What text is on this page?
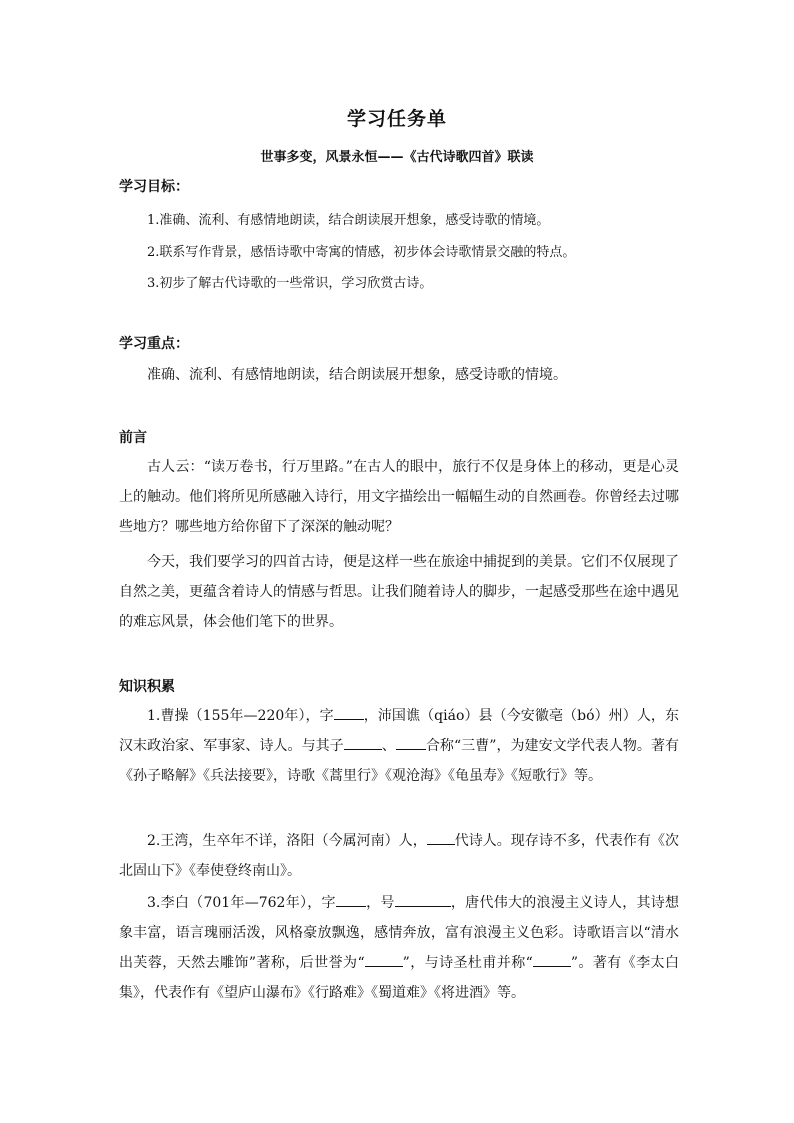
学习任务单
世事多变，风景永恒——《古代诗歌四首》联读
学习目标：
1.准确、流利、有感情地朗读，结合朗读展开想象，感受诗歌的情境。
2.联系写作背景，感悟诗歌中寄寓的情感，初步体会诗歌情景交融的特点。
3.初步了解古代诗歌的一些常识，学习欣赏古诗。
学习重点：
准确、流利、有感情地朗读，结合朗读展开想象，感受诗歌的情境。
前言
古人云：“读万卷书，行万里路。”在古人的眼中，旅行不仅是身体上的移动，更是心灵上的触动。他们将所见所感融入诗行，用文字描绘出一幅幅生动的自然画卷。你曾经去过哪些地方？哪些地方给你留下了深深的触动呢？
今天，我们要学习的四首古诗，便是这样一些在旅途中捕捉到的美景。它们不仅展现了自然之美，更蕴含着诗人的情感与哲思。让我们随着诗人的脚步，一起感受那些在途中遇见的难忘风景，体会他们笔下的世界。
知识积累
1.曹操（155年—220年），字 ，沛国谯（qiáo）县（今安徽亳（bó）州）人，东汉末政治家、军事家、诗人。与其子	、 合称“三曹”，为建安文学代表人物。著有《孙子略解》《兵法接要》，诗歌《蒿里行》《观沧海》《龟虽寿》《短歌行》等。
2.王湾，生卒年不详，洛阳（今属河南）人， 代诗人。现存诗不多，代表作有《次北固山下》《奉使登终南山》。
3.李白（701年—762年），字 ，号	，唐代伟大的浪漫主义诗人，其诗想象丰富，语言瑰丽活泼，风格豪放飘逸，感情奔放，富有浪漫主义色彩。诗歌语言以“清水出芙蓉，天然去雕饰”著称，后世誉为“	”，与诗圣杜甫并称“	”。著有《李太白集》，代表作有《望庐山瀑布》《行路难》《蜀道难》《将进酒》等。
